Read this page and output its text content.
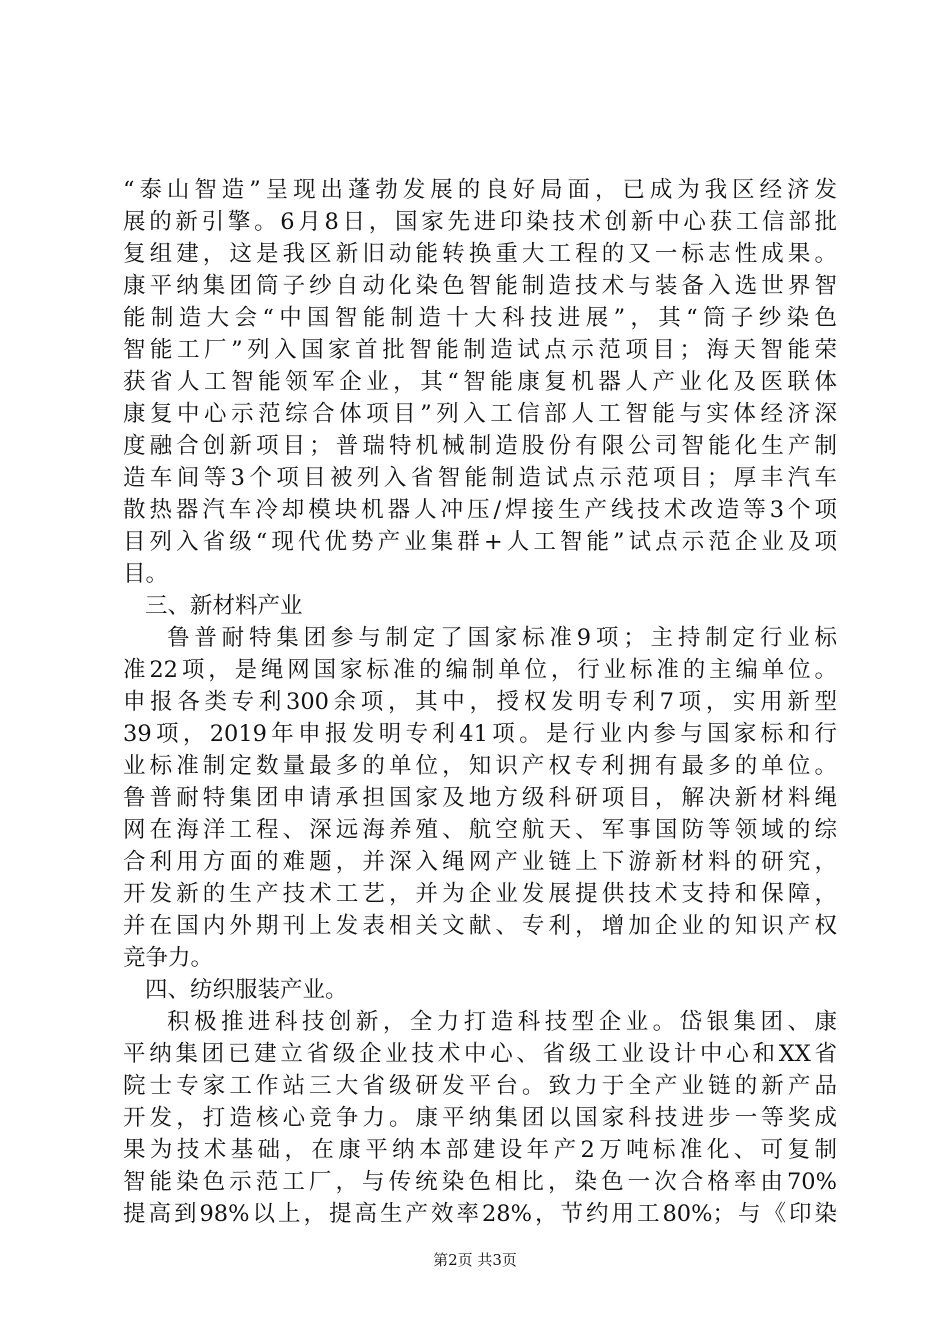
“泰山智造”呈现出蓬勃发展的良好局面，已成为我区经济发
展的新引擎。6月8日，国家先进印染技术创新中心获工信部批
复组建，这是我区新旧动能转换重大工程的又一标志性成果。
康平纳集团筒子纱自动化染色智能制造技术与装备入选世界智
能制造大会“中国智能制造十大科技进展”，其“筒子纱染色
智能工厂”列入国家首批智能制造试点示范项目；海天智能荣
获省人工智能领军企业，其“智能康复机器人产业化及医联体
康复中心示范综合体项目”列入工信部人工智能与实体经济深
度融合创新项目；普瑞特机械制造股份有限公司智能化生产制
造车间等3个项目被列入省智能制造试点示范项目；厚丰汽车
散热器汽车冷却模块机器人冲压/焊接生产线技术改造等3个项
目列入省级“现代优势产业集群+人工智能”试点示范企业及项
目。
三、新材料产业
鲁普耐特集团参与制定了国家标准9项；主持制定行业标
准22项，是绳网国家标准的编制单位，行业标准的主编单位。
申报各类专利300余项，其中，授权发明专利7项，实用新型
39项，2019年申报发明专利41项。是行业内参与国家标和行
业标准制定数量最多的单位，知识产权专利拥有最多的单位。
鲁普耐特集团申请承担国家及地方级科研项目，解决新材料绳
网在海洋工程、深远海养殖、航空航天、军事国防等领域的综
合利用方面的难题，并深入绳网产业链上下游新材料的研究，
开发新的生产技术工艺，并为企业发展提供技术支持和保障，
并在国内外期刊上发表相关文献、专利，增加企业的知识产权
竞争力。
四、纺织服装产业。
积极推进科技创新，全力打造科技型企业。岱银集团、康
平纳集团已建立省级企业技术中心、省级工业设计中心和XX省
院士专家工作站三大省级研发平台。致力于全产业链的新产品
开发，打造核心竞争力。康平纳集团以国家科技进步一等奖成
果为技术基础，在康平纳本部建设年产2万吨标准化、可复制
智能染色示范工厂，与传统染色相比，染色一次合格率由70%
提高到98%以上，提高生产效率28%，节约用工80%；与《印染
第2页 共3页
